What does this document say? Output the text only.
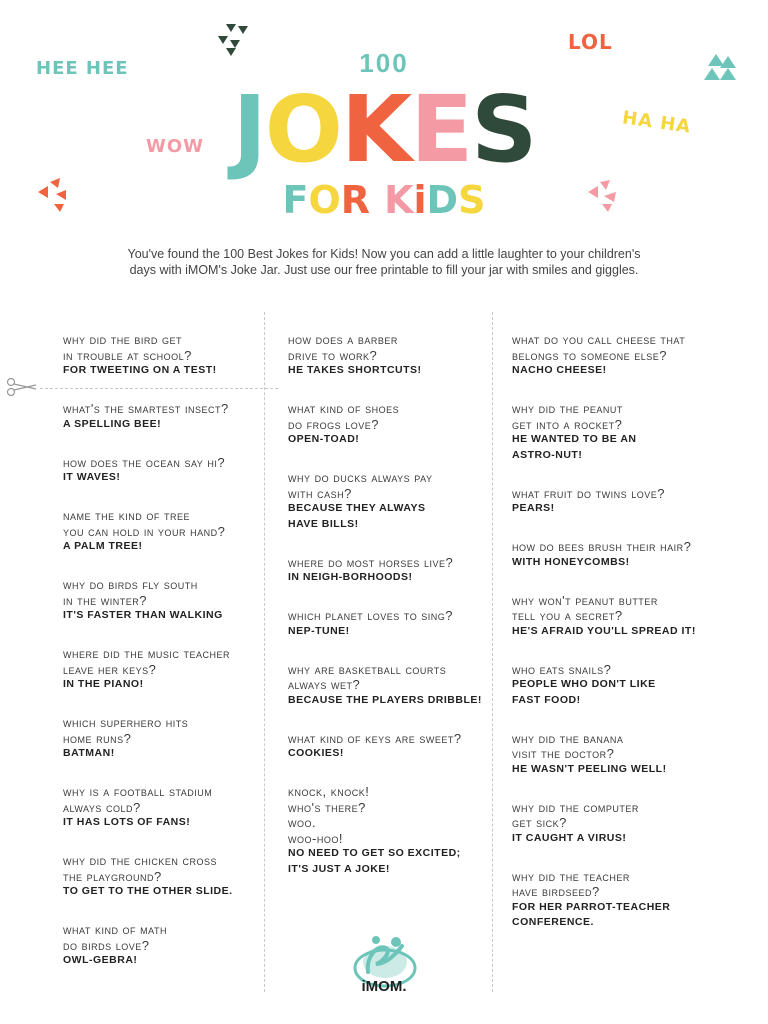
HEE HEE
WOW
LOL
HA HA
100
JOKES
FOR KiDS
You've found the 100 Best Jokes for Kids! Now you can add a little laughter to your children's days with iMOM's Joke Jar. Just use our free printable to fill your jar with smiles and giggles.
why did the bird get
in trouble at school?
FOR TWEETING ON A TEST!
what's the smartest insect?
A SPELLING BEE!
how does the ocean say hi?
IT WAVES!
name the kind of tree
you can hold in your hand?
A PALM TREE!
why do birds fly south
in the winter?
IT'S FASTER THAN WALKING
where did the music teacher
leave her keys?
IN THE PIANO!
which superhero hits
home runs?
BATMAN!
why is a football stadium
always cold?
IT HAS LOTS OF FANS!
why did the chicken cross
the playground?
TO GET TO THE OTHER SLIDE.
what kind of math
do birds love?
OWL-GEBRA!
how does a barber
drive to work?
HE TAKES SHORTCUTS!
what kind of shoes
do frogs love?
OPEN-TOAD!
why do ducks always pay
with cash?
BECAUSE THEY ALWAYS
HAVE BILLS!
where do most horses live?
IN NEIGH-BORHOODS!
which planet loves to sing?
NEP-TUNE!
why are basketball courts
always wet?
BECAUSE THE PLAYERS DRIBBLE!
what kind of keys are sweet?
COOKIES!
knock, knock!
who's there?
woo.
woo-hoo!
NO NEED TO GET SO EXCITED;
IT'S JUST A JOKE!
what do you call cheese that
belongs to someone else?
NACHO CHEESE!
why did the peanut
get into a rocket?
HE WANTED TO BE AN
ASTRO-NUT!
what fruit do twins love?
PEARS!
how do bees brush their hair?
WITH HONEYCOMBS!
why won't peanut butter
tell you a secret?
HE'S AFRAID YOU'LL SPREAD IT!
who eats snails?
PEOPLE WHO DON'T LIKE
FAST FOOD!
why did the banana
visit the doctor?
HE WASN'T PEELING WELL!
why did the computer
get sick?
IT CAUGHT A VIRUS!
why did the teacher
have birdseed?
FOR HER PARROT-TEACHER
CONFERENCE.
iMOM.
